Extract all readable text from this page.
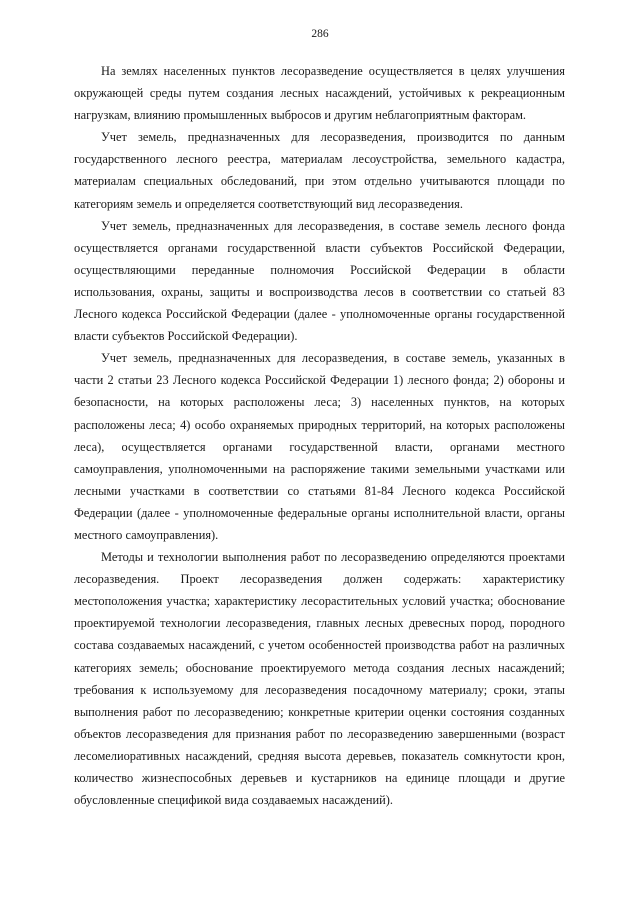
286

На землях населенных пунктов лесоразведение осуществляется в целях улучшения окружающей среды путем создания лесных насаждений, устойчивых к рекреационным нагрузкам, влиянию промышленных выбросов и другим неблагоприятным факторам.

Учет земель, предназначенных для лесоразведения, производится по данным государственного лесного реестра, материалам лесоустройства, земельного кадастра, материалам специальных обследований, при этом отдельно учитываются площади по категориям земель и определяется соответствующий вид лесоразведения.

Учет земель, предназначенных для лесоразведения, в составе земель лесного фонда осуществляется органами государственной власти субъектов Российской Федерации, осуществляющими переданные полномочия Российской Федерации в области использования, охраны, защиты и воспроизводства лесов в соответствии со статьей 83 Лесного кодекса Российской Федерации (далее - уполномоченные органы государственной власти субъектов Российской Федерации).

Учет земель, предназначенных для лесоразведения, в составе земель, указанных в части 2 статьи 23 Лесного кодекса Российской Федерации 1) лесного фонда; 2) обороны и безопасности, на которых расположены леса; 3) населенных пунктов, на которых расположены леса; 4) особо охраняемых природных территорий, на которых расположены леса), осуществляется органами государственной власти, органами местного самоуправления, уполномоченными на распоряжение такими земельными участками или лесными участками в соответствии со статьями 81-84 Лесного кодекса Российской Федерации (далее - уполномоченные федеральные органы исполнительной власти, органы местного самоуправления).

Методы и технологии выполнения работ по лесоразведению определяются проектами лесоразведения. Проект лесоразведения должен содержать: характеристику местоположения участка; характеристику лесорастительных условий участка; обоснование проектируемой технологии лесоразведения, главных лесных древесных пород, породного состава создаваемых насаждений, с учетом особенностей производства работ на различных категориях земель; обоснование проектируемого метода создания лесных насаждений; требования к используемому для лесоразведения посадочному материалу; сроки, этапы выполнения работ по лесоразведению; конкретные критерии оценки состояния созданных объектов лесоразведения для признания работ по лесоразведению завершенными (возраст лесомелиоративных насаждений, средняя высота деревьев, показатель сомкнутости крон, количество жизнеспособных деревьев и кустарников на единице площади и другие обусловленные спецификой вида создаваемых насаждений).
